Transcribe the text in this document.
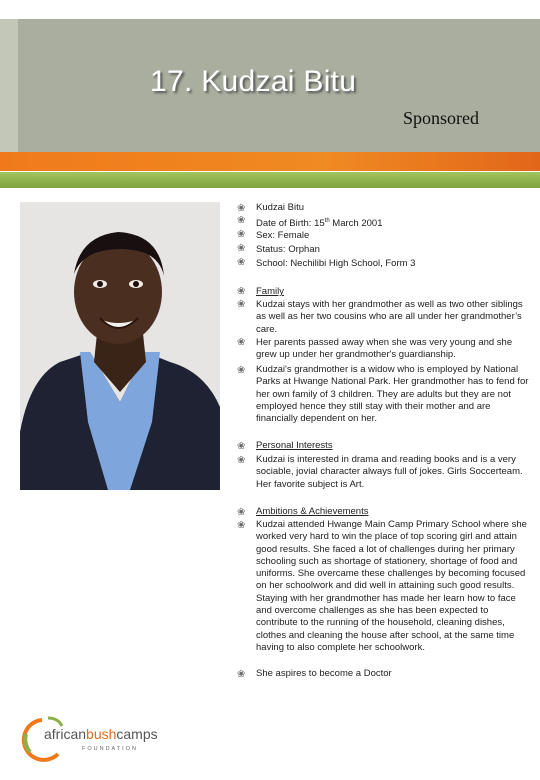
17. Kudzai Bitu
Sponsored
❀
❀
❀
❀
❀
Kudzai Bitu
Date of Birth: 15th March 2001
Sex: Female
Status: Orphan
School: Nechilibi High School, Form 3
❀
❀
❀
❀
Family
Kudzai stays with her grandmother as well as two other siblings as well as her two cousins who are all under her grandmother’s care.
Her parents passed away when she was very young and she grew up under her grandmother's guardianship.
Kudzai's grandmother is a widow who is employed by National Parks at Hwange National Park. Her grandmother has to fend for her own family of 3 children. They are adults but they are not employed hence they still stay with their mother and are financially dependent on her.
❀
❀
Personal Interests
Kudzai is interested in drama and reading books and is a very sociable, jovial character always full of jokes. Girls Soccerteam. Her favorite subject is Art.
❀
❀
❀
Ambitions & Achievements
Kudzai attended Hwange Main Camp Primary School where she worked very hard to win the place of top scoring girl and attain good results. She faced a lot of challenges during her primary schooling such as shortage of stationery, shortage of food and uniforms. She overcame these challenges by becoming focused on her schoolwork and did well in attaining such good results. Staying with her grandmother has made her learn how to face and overcome challenges as she has been expected to contribute to the running of the household, cleaning dishes, clothes and cleaning the house after school, at the same time having to also complete her schoolwork.
She aspires to become a Doctor
africanbushcamps
FOUNDATION
